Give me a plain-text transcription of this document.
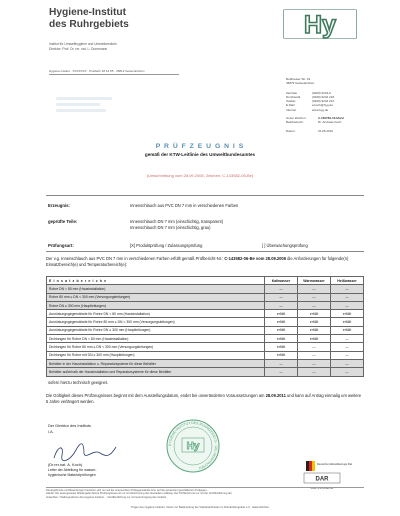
Hygiene-Institut
des Ruhrgebiets
Institut für Umwelthygiene und Umweltmedizin
Direktor: Prof. Dr. rer. nat. L. Dunemann
Hygiene-Institut · XXXXXXX · Postfach 18 12 55 · 45812 Gelsenkirchen
Hy
Rotthauser Str. 19
45879 Gelsenkirchen
Zentrale	(0209) 9242-0
Durchwahl	(0209) 9242 218
Telefax	(0209) 9242 212
E-Mail	a.koch@hyg.de
Internet	www.hyg.de
Unser Zeichen:	A.189789-18-Mu/st
Bearbeiter/in:	Dr. Andreas Koch
Datum:	31.05.2010
P R Ü F Z E U G N I S
gemäß der KTW-Leitlinie des Umweltbundesamtes
(Umschreibung vom 28.09.2006, Zeichen: C-143582-06-Be)
Erzeugnis:	Innenschlauch aus PVC DN 7 mm in verschiedenen Farben
geprüfte Teile:	Innenschlauch DN 7 mm (einschichtig, transparent)
Innenschlauch DN 7 mm (einschichtig, grau)
Prüfungsart:	[X] Produktprüfung / Zulassungsprüfung	[ ] Überwachungsprüfung
Der v.g. Innenschlauch aus PVC DN 7 mm in verschiedenen Farben erfüllt gemäß Prüfbericht-Nr.: C-143582-06-Be vom 28.09.2006 die Anforderungen für folgende(n) Einsatzbereich(e) und Temperaturbereich(e):
E i n s a t z b e r e i c h e	Kaltwasser	Warmwasser	Heißwasser
Rohre DN < 80 mm (Hausinstallation)	—	—	—
Rohre 80 mm ≤ DN < 300 mm (Versorgungsleitungen)	—	—	—
Rohre DN ≥ 300 mm (Hauptleitungen)	—	—	—
Ausrüstungsgegenstände für Rohre DN < 80 mm (Hausinstallation)	erfüllt	erfüllt	erfüllt
Ausrüstungsgegenstände für Rohre 80 mm ≤ DN < 300 mm (Versorgungsleitungen)	erfüllt	erfüllt	erfüllt
Ausrüstungsgegenstände für Rohre DN ≥ 300 mm (Hauptleitungen)	erfüllt	erfüllt	erfüllt
Dichtungen für Rohre DN < 80 mm (Hausinstallation)	erfüllt	erfüllt	—
Dichtungen für Rohre 80 mm ≤ DN < 300 mm (Versorgungsleitungen)	erfüllt	—	—
Dichtungen für Rohre mit DN ≥ 300 mm (Hauptleitungen)	erfüllt	—	—
Behälter in der Hausinstallation u. Reparatursysteme für diese Behälter	—	—	—
Behälter außerhalb der Hausinstallation und Reparatursysteme für diese Behälter	—	—	—
sofern hierzu technisch geeignet.
Die Gültigkeit dieses Prüfzeugnisses beginnt mit dem Ausstellungsdatum, endet bei unveränderten Voraussetzungen am 28.09.2011 und kann auf Antrag einmalig um weitere 5 Jahre verlängert werden.
Der Direktor des Instituts
i.A.
(Dr.rer.nat. A. Koch)
Leiter der Abteilung für wasser-
hygienische Materialprüfungen
Hy
HYGIENE-INSTITUT DES RUHRGEBIETS · GELSENKIRCHEN
Deutscher Akkreditierungs Rat
DAR
DAP-PL-2548.00
Die Ergebnisse und Bewertungen beziehen sich nur auf die untersuchten Prüfgegenstände bzw. auf die genannten geschilderten Prüfgegen-
stände. Die auszugsweise Wiedergabe dieses Prüfzeugnisses ist nur mit Zustimmung des Ausstellers zulässig. Der Prüfbericht ist nur mit der Veröffentlichung der
Gutachten / Stellungnahmen des Hygiene-Instituts ... Veröffentlichung nur mit Genehmigung des Instituts.
Träger des Hygiene-Instituts: Verein zur Bekämpfung der Volkskrankheiten im Ruhrkohlengebiet e.V., Gelsenkirchen
